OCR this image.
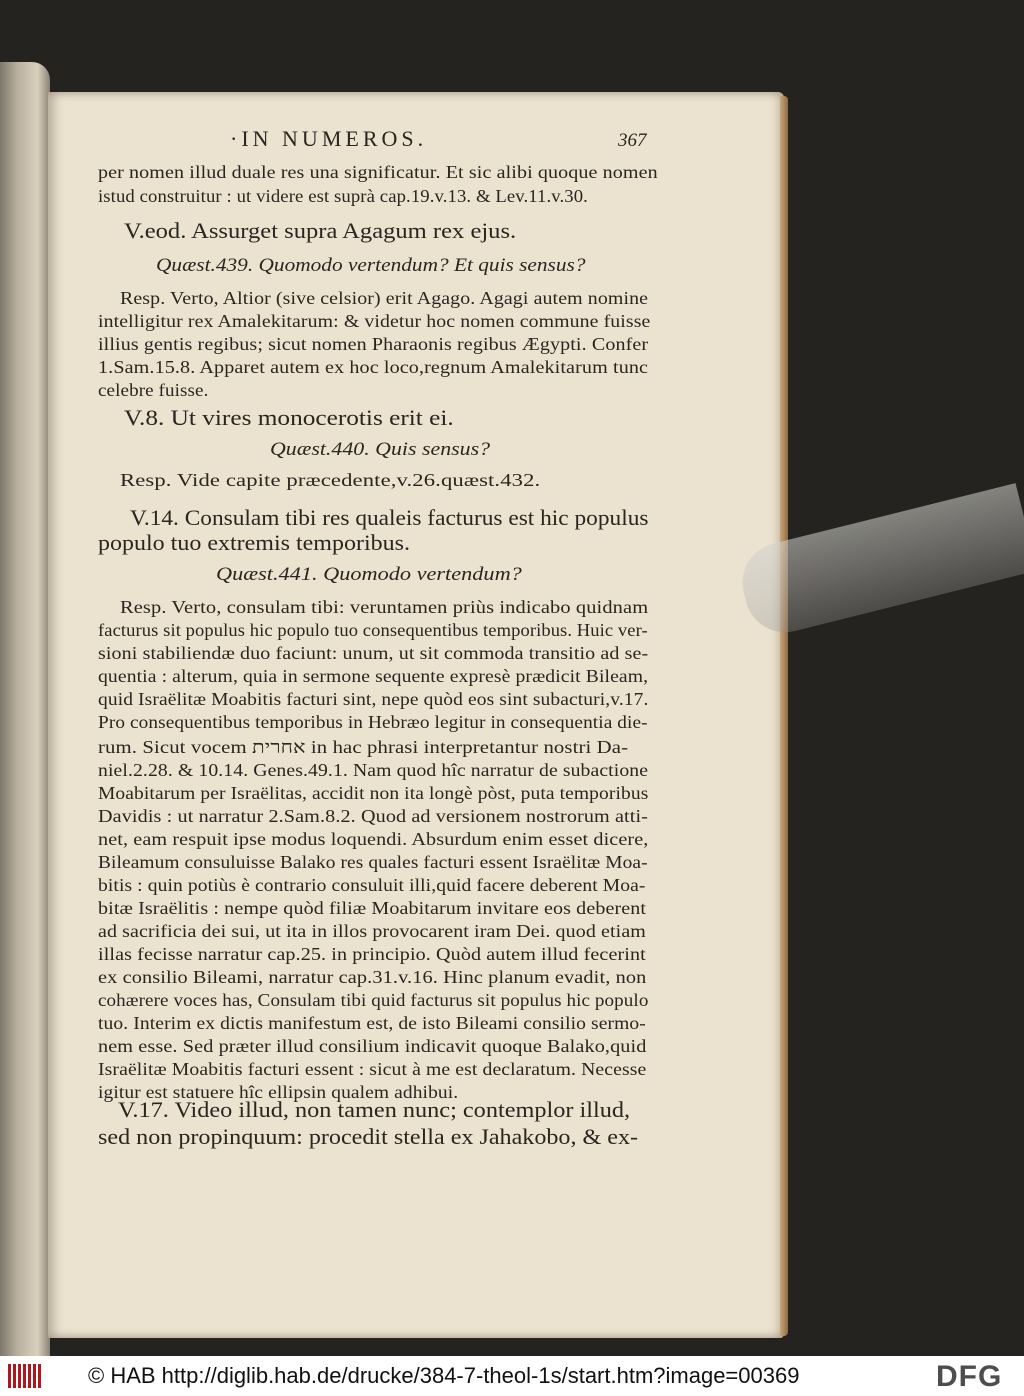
·IN NUMEROS.	367
per nomen illud duale res una significatur. Et sic alibi quoque nomen
istud construitur : ut videre est suprà cap.19.v.13. & Lev.11.v.30.
V.eod. Assurget supra Agagum rex ejus.
Quæst.439. Quomodo vertendum? Et quis sensus?
Resp. Verto, Altior (sive celsior) erit Agago. Agagi autem nomine
intelligitur rex Amalekitarum: & videtur hoc nomen commune fuisse
illius gentis regibus; sicut nomen Pharaonis regibus Ægypti. Confer
1.Sam.15.8. Apparet autem ex hoc loco,regnum Amalekitarum tunc
celebre fuisse.
V.8. Ut vires monocerotis erit ei.
Quæst.440. Quis sensus?
Resp. Vide capite præcedente,v.26.quæst.432.
V.14. Consulam tibi res qualeis facturus est hic populus
populo tuo extremis temporibus.
Quæst.441. Quomodo vertendum?
Resp. Verto, consulam tibi: veruntamen priùs indicabo quidnam
facturus sit populus hic populo tuo consequentibus temporibus. Huic ver-
sioni stabiliendæ duo faciunt: unum, ut sit commoda transitio ad se-
quentia : alterum, quia in sermone sequente expresè prædicit Bileam,
quid Israëlitæ Moabitis facturi sint, nepe quòd eos sint subacturi,v.17.
Pro consequentibus temporibus in Hebræo legitur in consequentia die-
rum. Sicut vocem אחרית in hac phrasi interpretantur nostri Da-
niel.2.28. & 10.14. Genes.49.1. Nam quod hîc narratur de subactione
Moabitarum per Israëlitas, accidit non ita longè pòst, puta temporibus
Davidis : ut narratur 2.Sam.8.2. Quod ad versionem nostrorum atti-
net, eam respuit ipse modus loquendi. Absurdum enim esset dicere,
Bileamum consuluisse Balako res quales facturi essent Israëlitæ Moa-
bitis : quin potiùs è contrario consuluit illi,quid facere deberent Moa-
bitæ Israëlitis : nempe quòd filiæ Moabitarum invitare eos deberent
ad sacrificia dei sui, ut ita in illos provocarent iram Dei. quod etiam
illas fecisse narratur cap.25. in principio. Quòd autem illud fecerint
ex consilio Bileami, narratur cap.31.v.16. Hinc planum evadit, non
cohærere voces has, Consulam tibi quid facturus sit populus hic populo
tuo. Interim ex dictis manifestum est, de isto Bileami consilio sermo-
nem esse. Sed præter illud consilium indicavit quoque Balako,quid
Israëlitæ Moabitis facturi essent : sicut à me est declaratum. Necesse
igitur est statuere hîc ellipsin qualem adhibui.
V.17. Video illud, non tamen nunc; contemplor illud,
sed non propinquum: procedit stella ex Jahakobo, & ex-
© HAB http://diglib.hab.de/drucke/384-7-theol-1s/start.htm?image=00369	DFG
